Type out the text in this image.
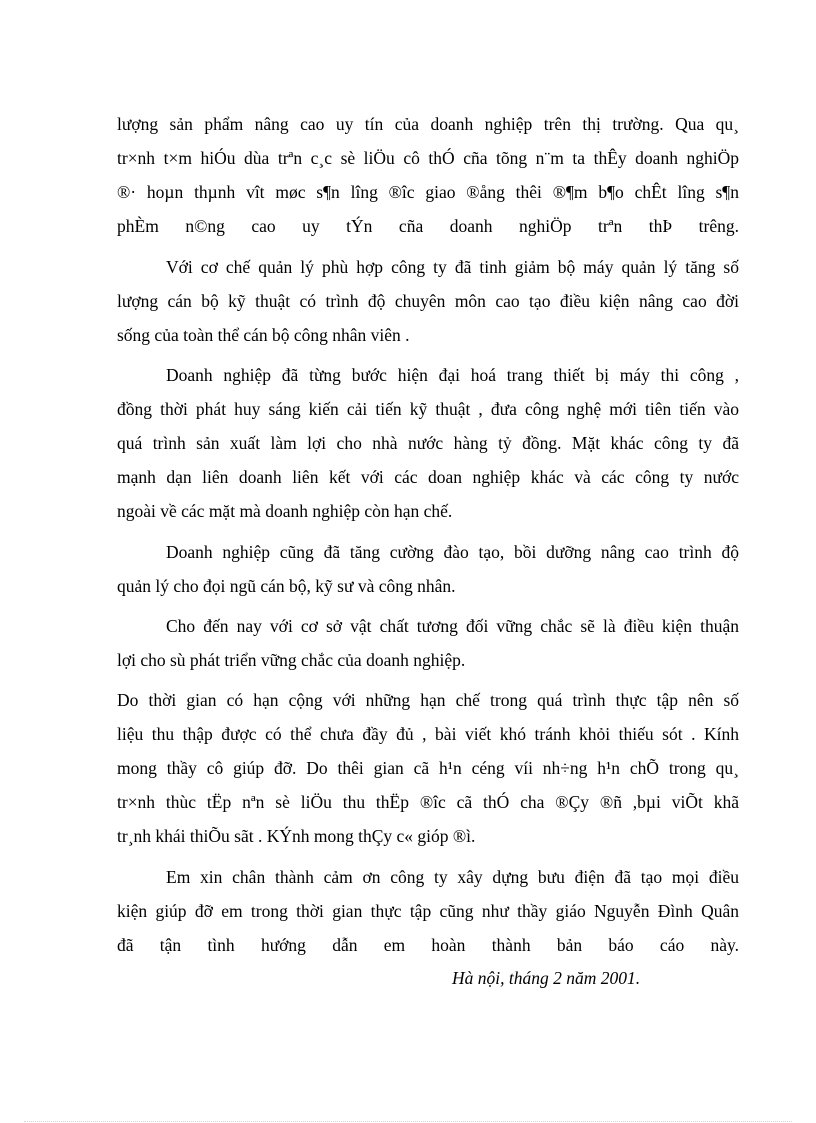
lượng sản phẩm nâng cao uy tín của doanh nghiệp trên thị trường. Qua qu¸
tr×nh t×m hiÓu dùa trªn c¸c sè liÖu cô thÓ cña tõng n¨m ta thÊy doanh nghiÖp
®· hoµn thµnh vît møc s¶n lîng ®îc giao ®ång thêi ®¶m b¶o chÊt lîng s¶n
phÈm n©ng cao uy tÝn cña doanh nghiÖp trªn thÞ trêng.
Với cơ chế quản lý phù hợp công ty đã tinh giảm bộ máy quản lý tăng số
lượng cán bộ kỹ thuật có trình độ chuyên môn cao tạo điều kiện nâng cao đời
sống của toàn thể cán bộ công nhân viên .
Doanh nghiệp đã từng bước hiện đại hoá trang thiết bị máy thi công ,
đồng thời phát huy sáng kiến cải tiến kỹ thuật , đưa công nghệ mới tiên tiến vào
quá trình sản xuất làm lợi cho nhà nước hàng tỷ đồng. Mặt khác công ty đã
mạnh dạn liên doanh liên kết với các doan nghiệp khác và các công ty nước
ngoài về các mặt mà doanh nghiệp còn hạn chế.
Doanh nghiệp cũng đã tăng cường đào tạo, bồi dưỡng nâng cao trình độ
quản lý cho đọi ngũ cán bộ, kỹ sư và công nhân.
Cho đến nay với cơ sở vật chất tương đối vững chắc sẽ là điều kiện thuận
lợi cho sù phát triển vững chắc của doanh nghiệp.
Do thời gian có hạn cộng với những hạn chế trong quá trình thực tập nên số
liệu thu thập được có thể chưa đầy đủ , bài viết khó tránh khỏi thiếu sót . Kính
mong thầy cô giúp đỡ. Do thêi gian cã h¹n céng víi nh÷ng h¹n chÕ trong qu¸
tr×nh thùc tËp nªn sè liÖu thu thËp ®îc cã thÓ cha ®Çy ®ñ ,bµi viÕt khã
tr¸nh khái thiÕu sãt . KÝnh mong thÇy c« gióp ®ì.
Em xin chân thành cảm ơn công ty xây dựng bưu điện đã tạo mọi điều
kiện giúp đỡ em trong thời gian thực tập cũng như thầy giáo Nguyễn Đình Quân
đã tận tình hướng dẫn em hoàn thành bản báo cáo này.
Hà nội, tháng 2 năm 2001.
